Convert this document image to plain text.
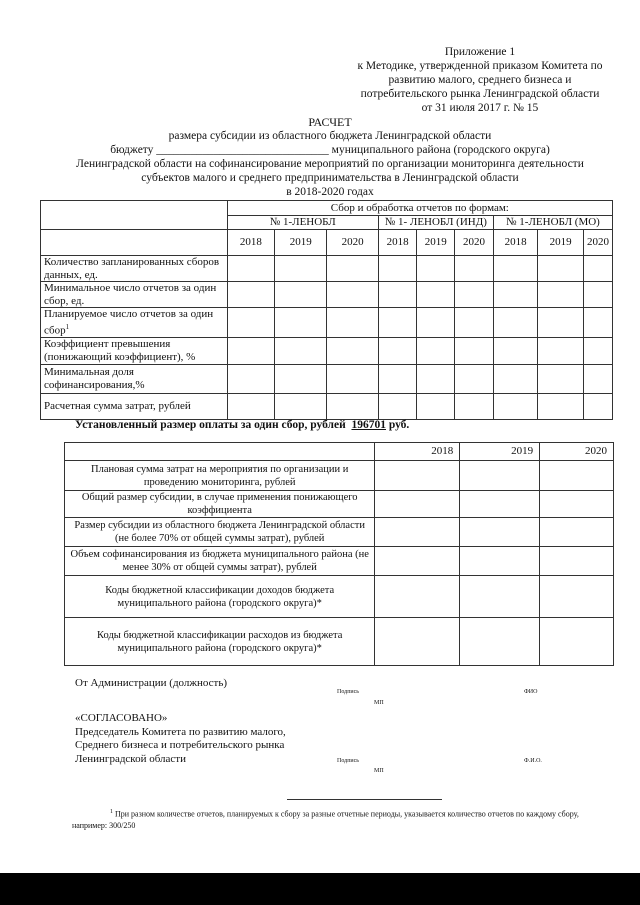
Приложение 1
к Методике, утвержденной приказом Комитета по
развитию малого, среднего бизнеса и
потребительского рынка Ленинградской области
от 31 июля 2017 г. № 15
РАСЧЕТ
размера субсидии из областного бюджета Ленинградской области
бюджету ______________________________ муниципального района (городского округа)
Ленинградской области на софинансирование мероприятий по организации мониторинга деятельности
субъектов малого и среднего предпринимательства в Ленинградской области
в 2018-2020 годах
	Сбор и обработка отчетов по формам:								
	№ 1-ЛЕНОБЛ			№ 1- ЛЕНОБЛ (ИНД)			№ 1-ЛЕНОБЛ (МО)		
	2018	2019	2020	2018	2019	2020	2018	2019	2020
Количество запланированных сборов данных, ед.									
Минимальное число отчетов за один сбор, ед.									
Планируемое число отчетов за один сбор$^1$									
Коэффициент превышения (понижающий коэффициент), %									
Минимальная доля софинансирования,%									
Расчетная сумма затрат, рублей									
Установленный размер оплаты за один сбор, рублей 196701 руб.
	2018	2019	2020
Плановая сумма затрат на мероприятия по организации и проведению мониторинга, рублей			
Общий размер субсидии, в случае применения понижающего коэффициента			
Размер субсидии из областного бюджета Ленинградской области (не более 70% от общей суммы затрат), рублей			
Объем софинансирования из бюджета муниципального района (не менее 30% от общей суммы затрат), рублей			
Коды бюджетной классификации доходов бюджета муниципального района (городского округа)*			
Коды бюджетной классификации расходов из бюджета муниципального района (городского округа)*			
От Администрации (должность)
Подпись	ФИО
МП
«СОГЛАСОВАНО»
Председатель Комитета по развитию малого,
Среднего бизнеса и потребительского рынка
Ленинградской области	Подпись	Ф.И.О.
МП
$^1$ При разном количестве отчетов, планируемых к сбору за разные отчетные периоды, указывается количество отчетов по каждому сбору,
например: 300/250
